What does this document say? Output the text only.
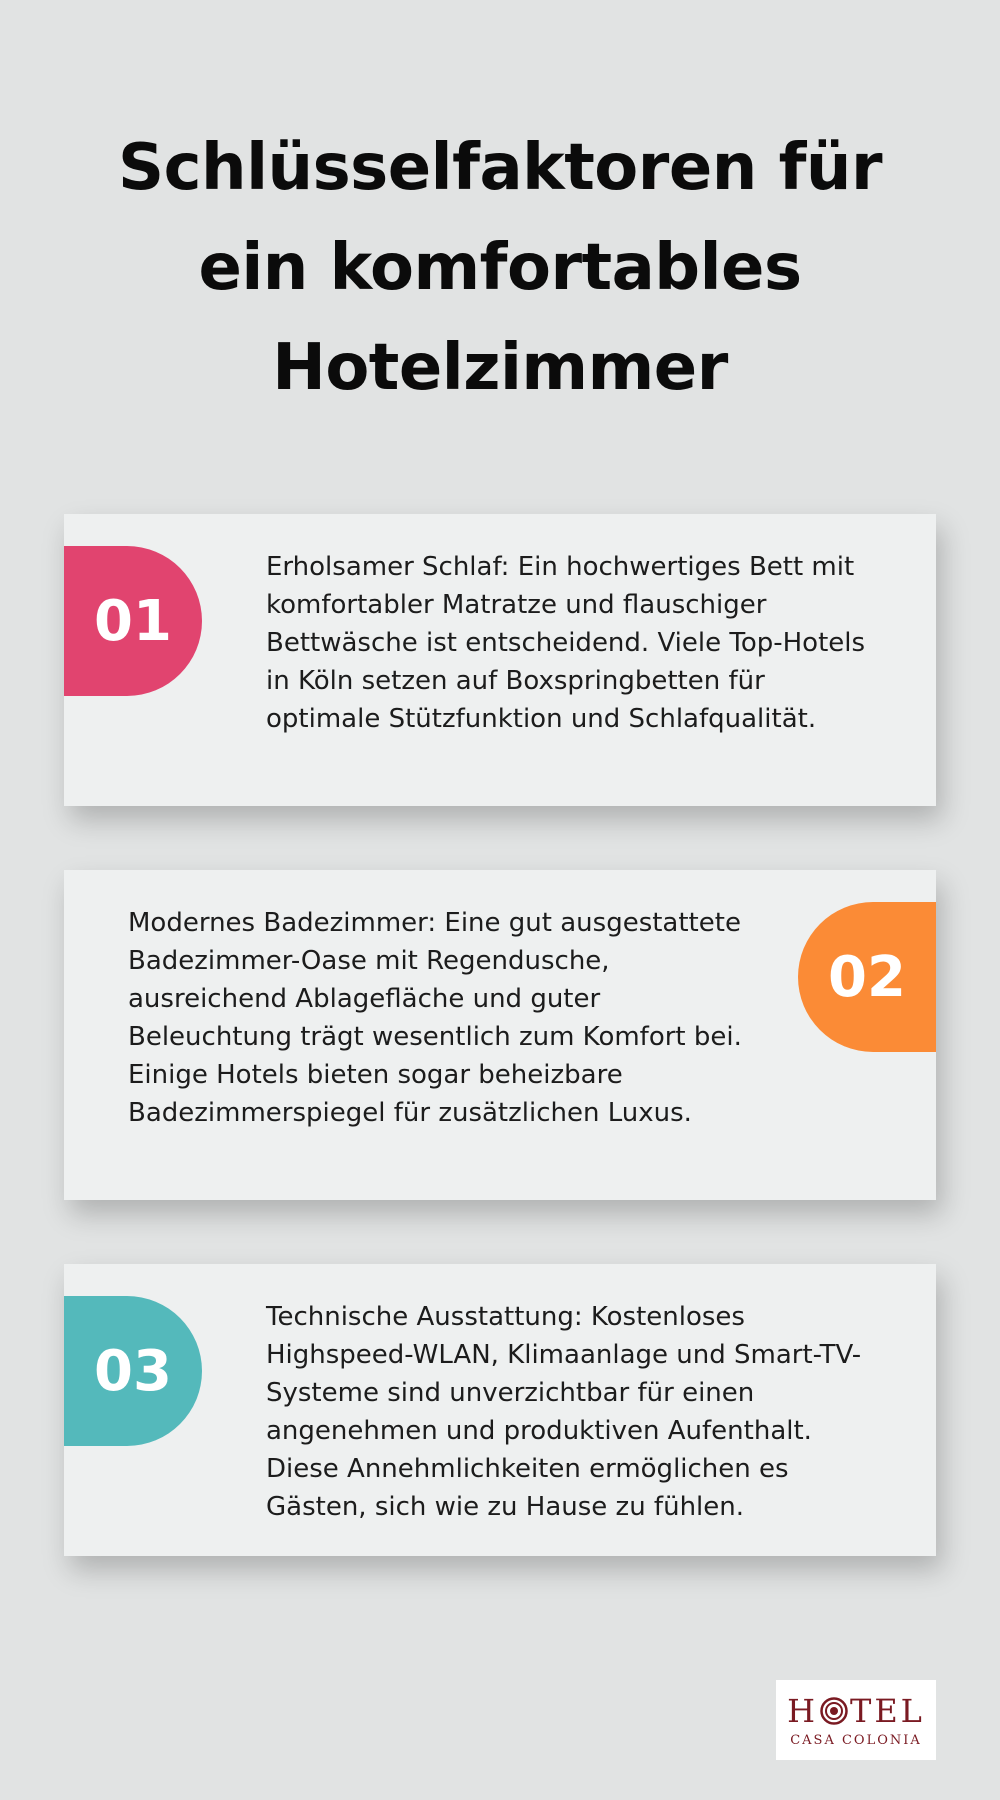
Schlüsselfaktoren für ein komfortables Hotelzimmer
01

Erholsamer Schlaf: Ein hochwertiges Bett mit komfortabler Matratze und flauschiger Bettwäsche ist entscheidend. Viele Top-Hotels in Köln setzen auf Boxspringbetten für optimale Stützfunktion und Schlafqualität.

02

Modernes Badezimmer: Eine gut ausgestattete Badezimmer-Oase mit Regendusche, ausreichend Ablagefläche und guter Beleuchtung trägt wesentlich zum Komfort bei. Einige Hotels bieten sogar beheizbare Badezimmerspiegel für zusätzlichen Luxus.

03

Technische Ausstattung: Kostenloses Highspeed-WLAN, Klimaanlage und Smart-TV-Systeme sind unverzichtbar für einen angenehmen und produktiven Aufenthalt. Diese Annehmlichkeiten ermöglichen es Gästen, sich wie zu Hause zu fühlen.

H TEL
CASA COLONIA
